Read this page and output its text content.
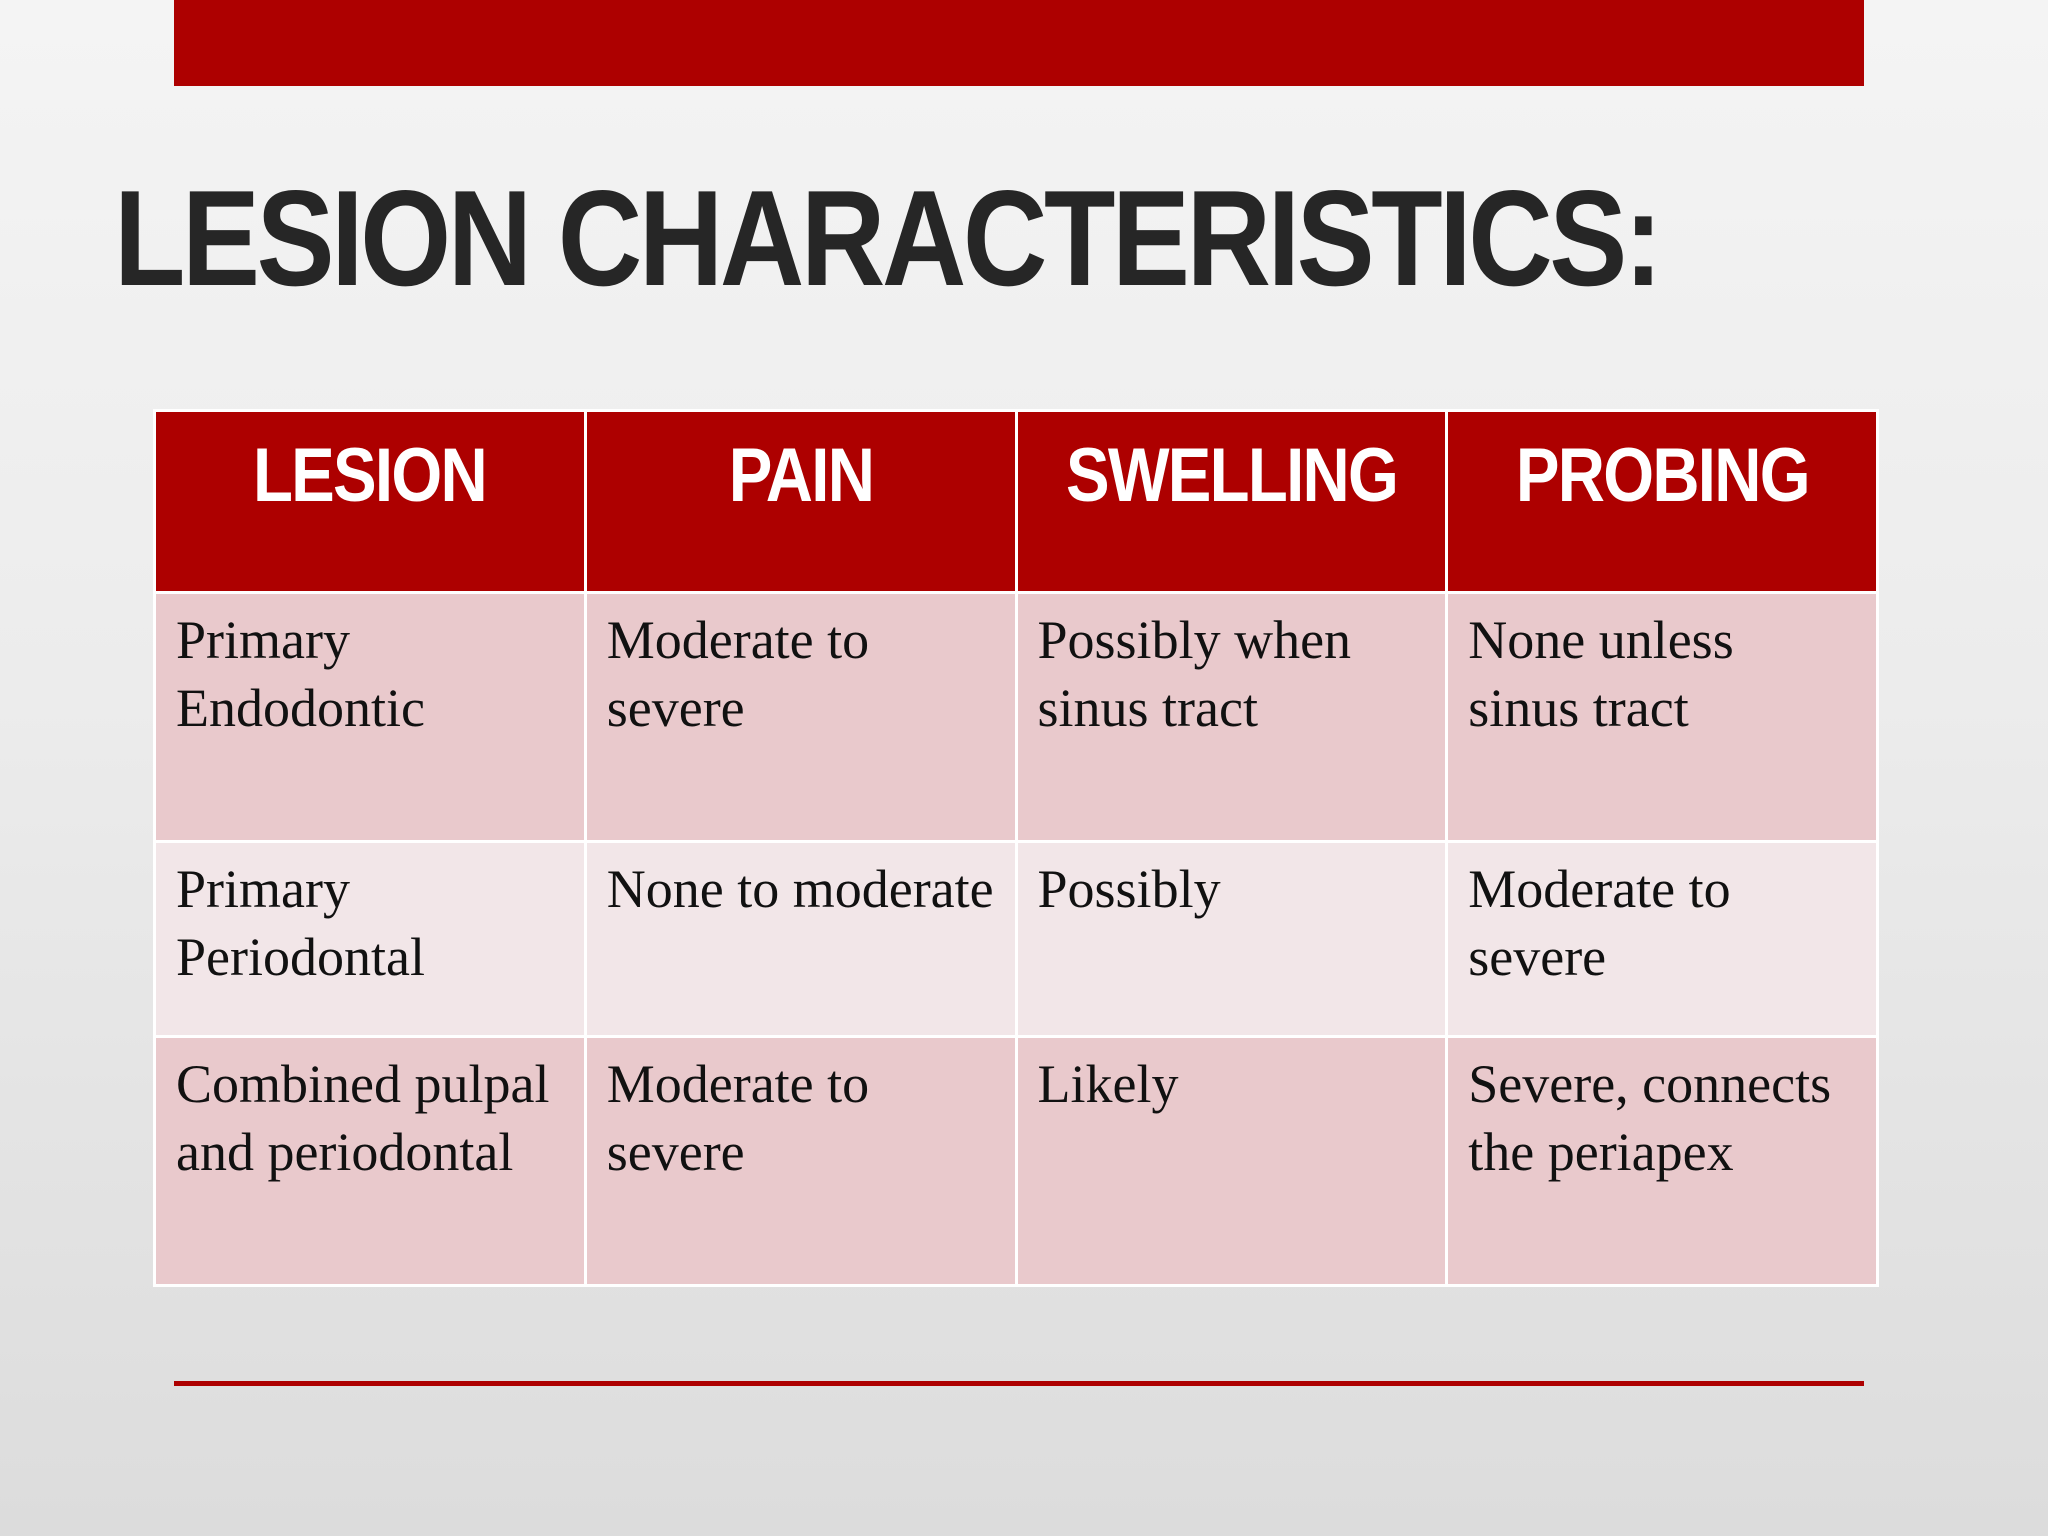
LESION CHARACTERISTICS:
LESION	PAIN	SWELLING	PROBING
Primary Endodontic	Moderate to severe	Possibly when sinus tract	None unless sinus tract
Primary Periodontal	None to moderate	Possibly	Moderate to severe
Combined pulpal and periodontal	Moderate to severe	Likely	Severe, connects the periapex
